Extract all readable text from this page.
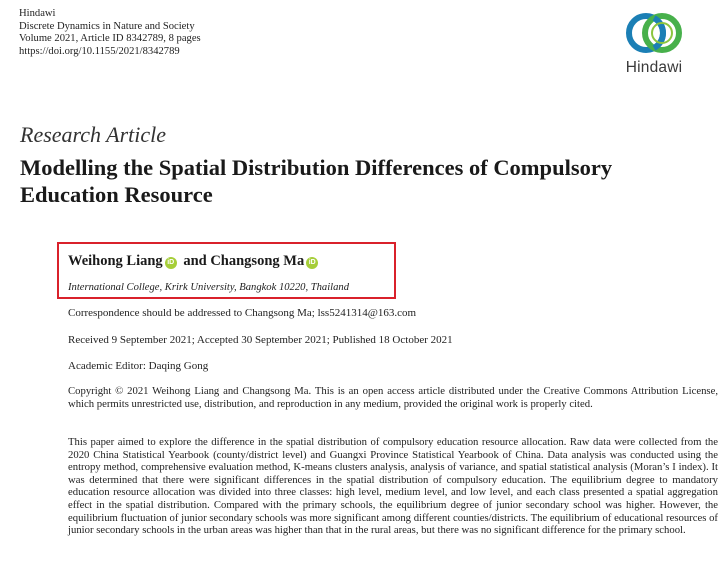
Hindawi
Discrete Dynamics in Nature and Society
Volume 2021, Article ID 8342789, 8 pages
https://doi.org/10.1155/2021/8342789
Hindawi
Research Article
Modelling the Spatial Distribution Differences of Compulsory Education Resource
Weihong Liang iD and Changsong Ma iD
International College, Krirk University, Bangkok 10220, Thailand
Correspondence should be addressed to Changsong Ma; lss5241314@163.com
Received 9 September 2021; Accepted 30 September 2021; Published 18 October 2021
Academic Editor: Daqing Gong

Copyright © 2021 Weihong Liang and Changsong Ma. This is an open access article distributed under the Creative Commons Attribution License, which permits unrestricted use, distribution, and reproduction in any medium, provided the original work is properly cited.

This paper aimed to explore the difference in the spatial distribution of compulsory education resource allocation. Raw data were collected from the 2020 China Statistical Yearbook (county/district level) and Guangxi Province Statistical Yearbook of China. Data analysis was conducted using the entropy method, comprehensive evaluation method, K-means clusters analysis, analysis of variance, and spatial statistical analysis (Moran’s I index). It was determined that there were significant differences in the spatial distribution of compulsory education. The equilibrium degree to mandatory education resource allocation was divided into three classes: high level, medium level, and low level, and each class presented a spatial aggregation effect in the spatial distribution. Compared with the primary schools, the equilibrium degree of junior secondary school was higher. However, the equilibrium fluctuation of junior secondary schools was more significant among different counties/districts. The equilibrium of educational resources of junior secondary schools in the urban areas was higher than that in the rural areas, but there was no significant difference for the primary school.
